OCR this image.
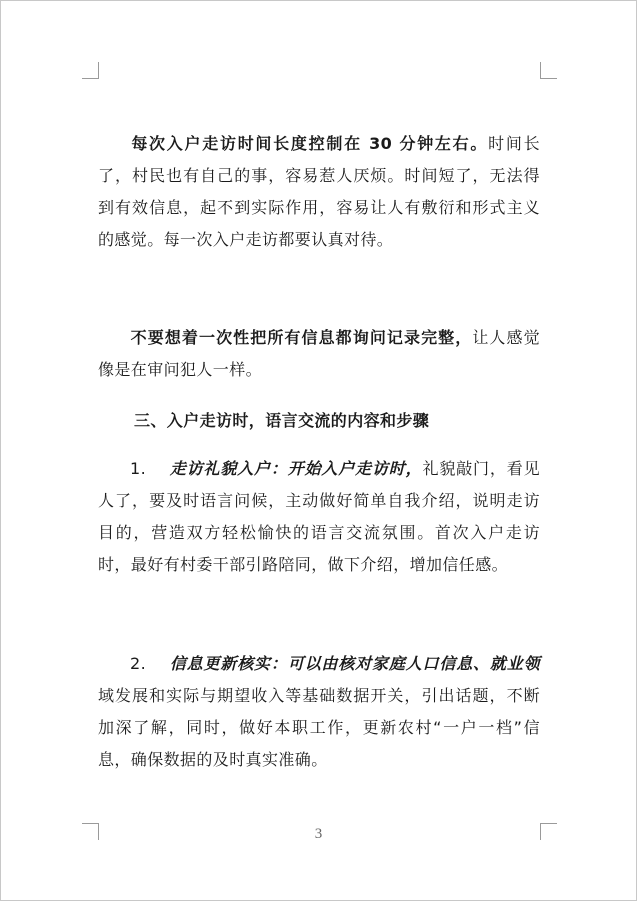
每次入户走访时间长度控制在 30 分钟左右。时间长了，村民也有自己的事，容易惹人厌烦。时间短了，无法得到有效信息，起不到实际作用，容易让人有敷衍和形式主义的感觉。每一次入户走访都要认真对待。

不要想着一次性把所有信息都询问记录完整，让人感觉像是在审问犯人一样。

三、入户走访时，语言交流的内容和步骤

1. 走访礼貌入户：开始入户走访时，礼貌敲门，看见人了，要及时语言问候，主动做好简单自我介绍，说明走访目的，营造双方轻松愉快的语言交流氛围。首次入户走访时，最好有村委干部引路陪同，做下介绍，增加信任感。

2. 信息更新核实：可以由核对家庭人口信息、就业领域发展和实际与期望收入等基础数据开关，引出话题，不断加深了解，同时，做好本职工作，更新农村“一户一档”信息，确保数据的及时真实准确。

3
